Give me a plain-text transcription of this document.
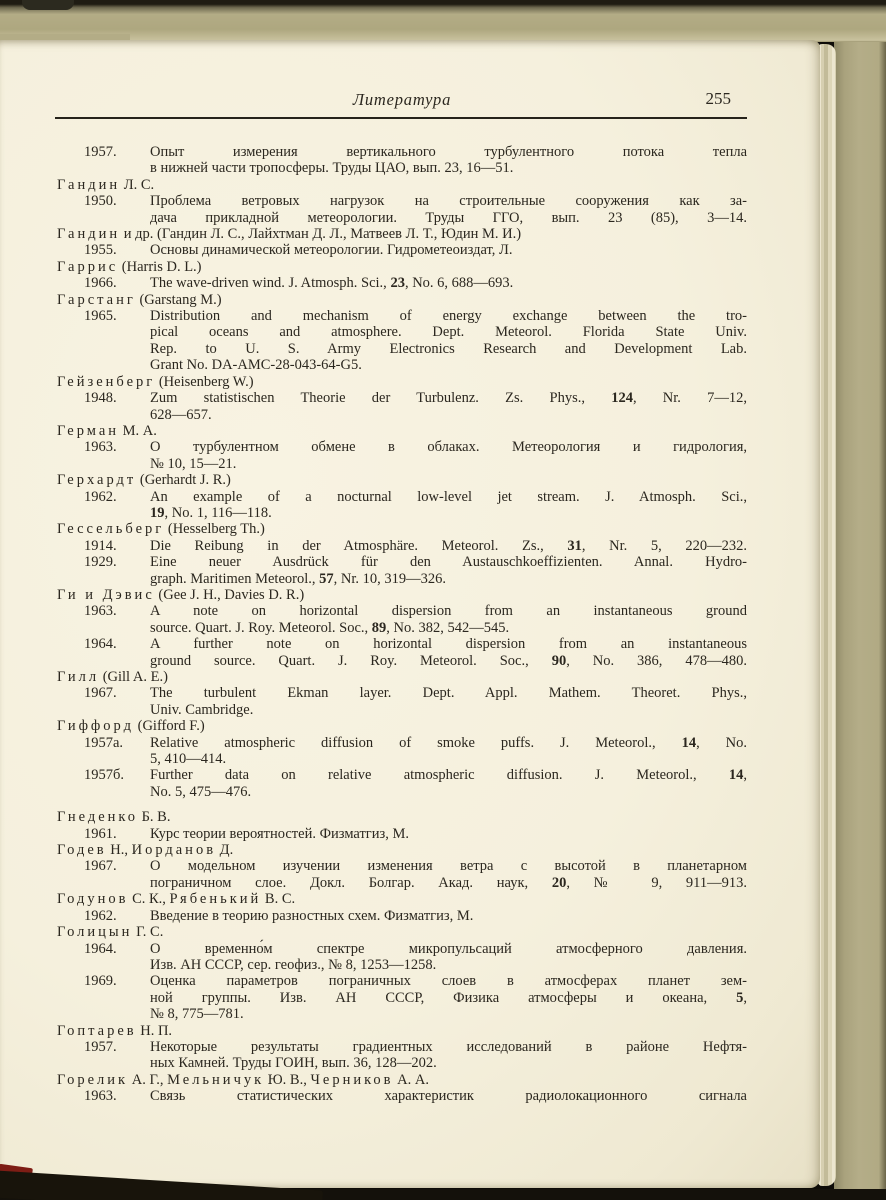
Литература	255
1957. Опыт измерения вертикального турбулентного потока тепла
в нижней части тропосферы. Труды ЦАО, вып. 23, 16—51.
Гандин Л. С.
1950. Проблема ветровых нагрузок на строительные сооружения как за-
дача прикладной метеорологии. Труды ГГО, вып. 23 (85), 3—14.
Гандин и др. (Гандин Л. С., Лайхтман Д. Л., Матвеев Л. Т., Юдин М. И.)
1955. Основы динамической метеорологии. Гидрометеоиздат, Л.
Гаррис (Harris D. L.)
1966. The wave-driven wind. J. Atmosph. Sci., 23, No. 6, 688—693.
Гарстанг (Garstang M.)
1965. Distribution and mechanism of energy exchange between the tro-
pical oceans and atmosphere. Dept. Meteorol. Florida State Univ.
Rep. to U. S. Army Electronics Research and Development Lab.
Grant No. DA-AMC-28-043-64-G5.
Гейзенберг (Heisenberg W.)
1948. Zum statistischen Theorie der Turbulenz. Zs. Phys., 124, Nr. 7—12,
628—657.
Герман М. А.
1963. О турбулентном обмене в облаках. Метеорология и гидрология,
№ 10, 15—21.
Герхардт (Gerhardt J. R.)
1962. An example of a nocturnal low-level jet stream. J. Atmosph. Sci.,
19, No. 1, 116—118.
Гессельберг (Hesselberg Th.)
1914. Die Reibung in der Atmosphäre. Meteorol. Zs., 31, Nr. 5, 220—232.
1929. Eine neuer Ausdrück für den Austauschkoeffizienten. Annal. Hydro-
graph. Maritimen Meteorol., 57, Nr. 10, 319—326.
Ги и Дэвис (Gee J. H., Davies D. R.)
1963. A note on horizontal dispersion from an instantaneous ground
source. Quart. J. Roy. Meteorol. Soc., 89, No. 382, 542—545.
1964. A further note on horizontal dispersion from an instantaneous
ground source. Quart. J. Roy. Meteorol. Soc., 90, No. 386, 478—480.
Гилл (Gill A. E.)
1967. The turbulent Ekman layer. Dept. Appl. Mathem. Theoret. Phys.,
Univ. Cambridge.
Гиффорд (Gifford F.)
1957а. Relative atmospheric diffusion of smoke puffs. J. Meteorol., 14, No.
5, 410—414.
1957б. Further data on relative atmospheric diffusion. J. Meteorol., 14,
No. 5, 475—476.
Гнеденко Б. В.
1961. Курс теории вероятностей. Физматгиз, М.
Годев Н., Иорданов Д.
1967. О модельном изучении изменения ветра с высотой в планетарном
пограничном слое. Докл. Болгар. Акад. наук, 20, № 9, 911—913.
Годунов С. К., Рябенький В. С.
1962. Введение в теорию разностных схем. Физматгиз, М.
Голицын Г. С.
1964. О временно́м спектре микропульсаций атмосферного давления.
Изв. АН СССР, сер. геофиз., № 8, 1253—1258.
1969. Оценка параметров пограничных слоев в атмосферах планет зем-
ной группы. Изв. АН СССР, Физика атмосферы и океана, 5,
№ 8, 775—781.
Гоптарев Н. П.
1957. Некоторые результаты градиентных исследований в районе Нефтя-
ных Камней. Труды ГОИН, вып. 36, 128—202.
Горелик А. Г., Мельничук Ю. В., Черников А. А.
1963. Связь статистических характеристик радиолокационного сигнала
